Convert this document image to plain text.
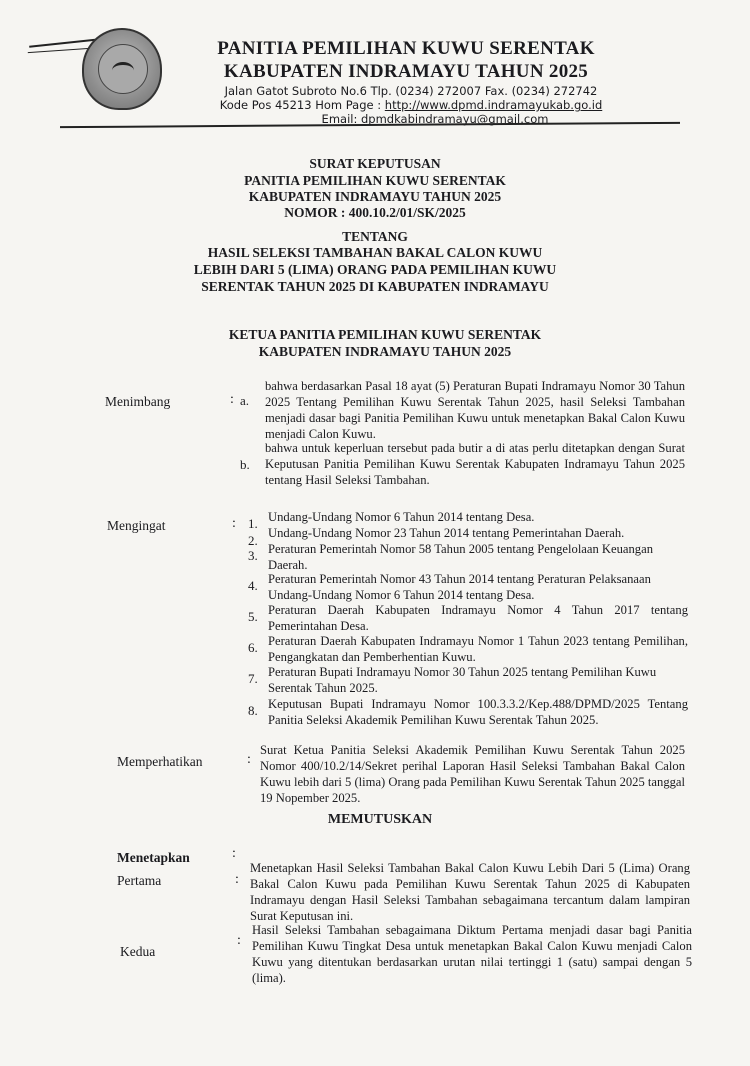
PANITIA PEMILIHAN KUWU SERENTAK
KABUPATEN INDRAMAYU TAHUN 2025
Jalan Gatot Subroto No.6 Tlp. (0234) 272007 Fax. (0234) 272742
Kode Pos 45213 Hom Page : http://www.dpmd.indramayukab.go.id
Email: dpmdkabindramayu@gmail.com
SURAT KEPUTUSAN
PANITIA PEMILIHAN KUWU SERENTAK
KABUPATEN INDRAMAYU TAHUN 2025
NOMOR : 400.10.2/01/SK/2025
TENTANG
HASIL SELEKSI TAMBAHAN BAKAL CALON KUWU
LEBIH DARI 5 (LIMA) ORANG PADA PEMILIHAN KUWU
SERENTAK TAHUN 2025 DI KABUPATEN INDRAMAYU
KETUA PANITIA PEMILIHAN KUWU SERENTAK
KABUPATEN INDRAMAYU TAHUN 2025
Menimbang	: a.
bahwa berdasarkan Pasal 18 ayat (5) Peraturan Bupati Indramayu Nomor 30 Tahun 2025 Tentang Pemilihan Kuwu Serentak Tahun 2025, hasil Seleksi Tambahan menjadi dasar bagi Panitia Pemilihan Kuwu untuk menetapkan Bakal Calon Kuwu menjadi Calon Kuwu.
b.
bahwa untuk keperluan tersebut pada butir a di atas perlu ditetapkan dengan Surat Keputusan Panitia Pemilihan Kuwu Serentak Kabupaten Indramayu Tahun 2025 tentang Hasil Seleksi Tambahan.
Mengingat	: 1. Undang-Undang Nomor 6 Tahun 2014 tentang Desa.
2. Undang-Undang Nomor 23 Tahun 2014 tentang Pemerintahan Daerah.
3. Peraturan Pemerintah Nomor 58 Tahun 2005 tentang Pengelolaan Keuangan Daerah.
4. Peraturan Pemerintah Nomor 43 Tahun 2014 tentang Peraturan Pelaksanaan Undang-Undang Nomor 6 Tahun 2014 tentang Desa.
5. Peraturan Daerah Kabupaten Indramayu Nomor 4 Tahun 2017 tentang Pemerintahan Desa.
6. Peraturan Daerah Kabupaten Indramayu Nomor 1 Tahun 2023 tentang Pemilihan, Pengangkatan dan Pemberhentian Kuwu.
7. Peraturan Bupati Indramayu Nomor 30 Tahun 2025 tentang Pemilihan Kuwu Serentak Tahun 2025.
8. Keputusan Bupati Indramayu Nomor 100.3.3.2/Kep.488/DPMD/2025 Tentang Panitia Seleksi Akademik Pemilihan Kuwu Serentak Tahun 2025.
Memperhatikan	:
Surat Ketua Panitia Seleksi Akademik Pemilihan Kuwu Serentak Tahun 2025 Nomor 400/10.2/14/Sekret perihal Laporan Hasil Seleksi Tambahan Bakal Calon Kuwu lebih dari 5 (lima) Orang pada Pemilihan Kuwu Serentak Tahun 2025 tanggal 19 Nopember 2025.
MEMUTUSKAN
Menetapkan	:
Pertama	:
Menetapkan Hasil Seleksi Tambahan Bakal Calon Kuwu Lebih Dari 5 (Lima) Orang Bakal Calon Kuwu pada Pemilihan Kuwu Serentak Tahun 2025 di Kabupaten Indramayu dengan Hasil Seleksi Tambahan sebagaimana tercantum dalam lampiran Surat Keputusan ini.
Kedua
:
Hasil Seleksi Tambahan sebagaimana Diktum Pertama menjadi dasar bagi Panitia Pemilihan Kuwu Tingkat Desa untuk menetapkan Bakal Calon Kuwu menjadi Calon Kuwu yang ditentukan berdasarkan urutan nilai tertinggi 1 (satu) sampai dengan 5 (lima).
